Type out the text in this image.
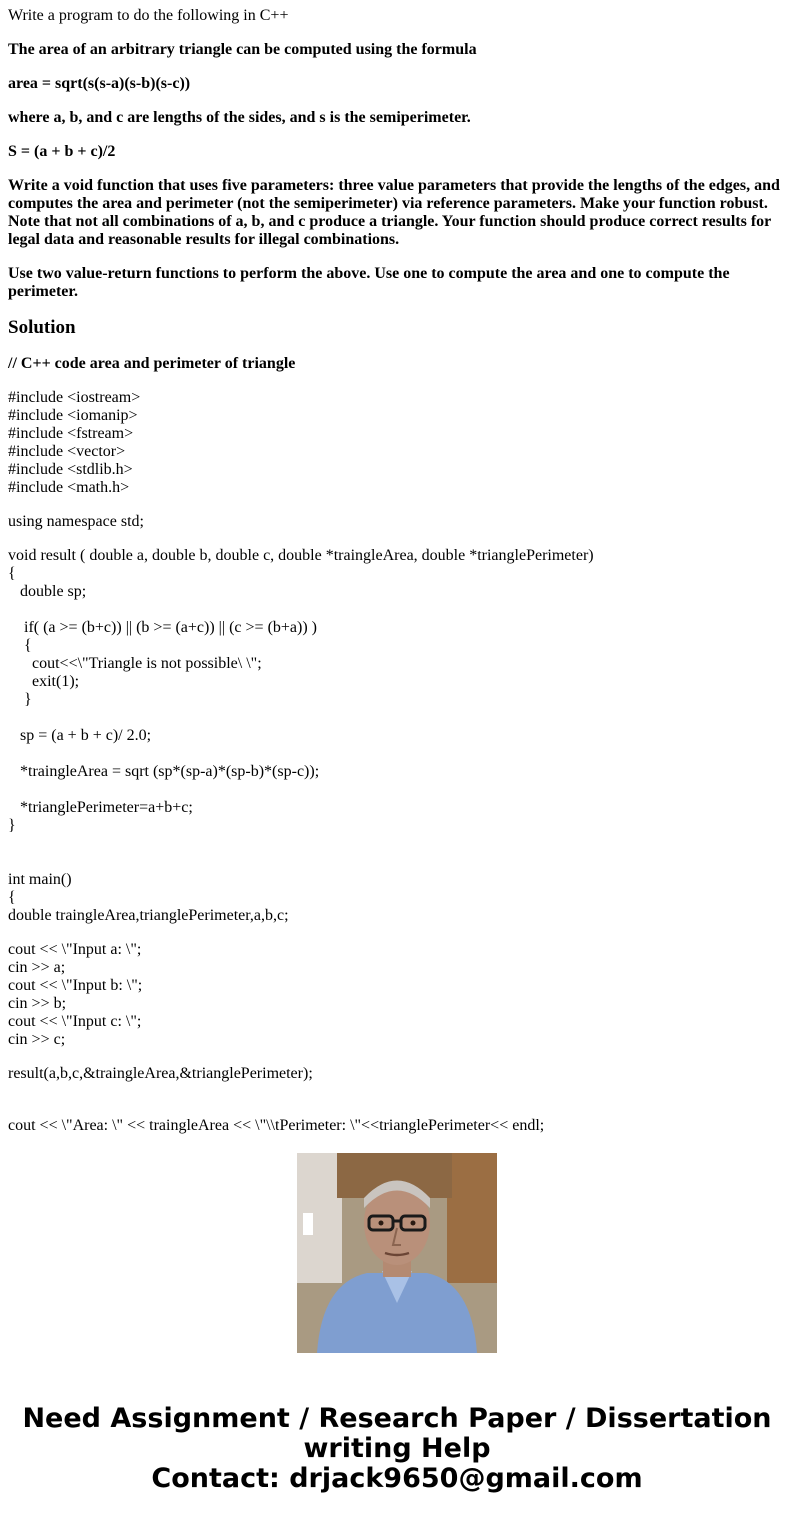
Write a program to do the following in C++

The area of an arbitrary triangle can be computed using the formula

area = sqrt(s(s-a)(s-b)(s-c))

where a, b, and c are lengths of the sides, and s is the semiperimeter.

S = (a + b + c)/2

Write a void function that uses five parameters: three value parameters that provide the lengths of the edges, and computes the area and perimeter (not the semiperimeter) via reference parameters. Make your function robust. Note that not all combinations of a, b, and c produce a triangle. Your function should produce correct results for legal data and reasonable results for illegal combinations.

Use two value-return functions to perform the above. Use one to compute the area and one to compute the perimeter.

Solution

// C++ code area and perimeter of triangle

#include <iostream>
#include <iomanip>
#include <fstream>
#include <vector>
#include <stdlib.h>
#include <math.h>

using namespace std;

void result ( double a, double b, double c, double *traingleArea, double *trianglePerimeter)
{
double sp;
if( (a >= (b+c)) || (b >= (a+c)) || (c >= (b+a)) )
{
cout<<\"Triangle is not possible\ \";
exit(1);
}
sp = (a + b + c)/ 2.0;
*traingleArea = sqrt (sp*(sp-a)*(sp-b)*(sp-c));
*trianglePerimeter=a+b+c;
}
int main()
{
double traingleArea,trianglePerimeter,a,b,c;
cout << \"Input a: \";
cin >> a;
cout << \"Input b: \";
cin >> b;
cout << \"Input c: \";
cin >> c;

result(a,b,c,&traingleArea,&trianglePerimeter);

cout << \"Area: \" << traingleArea << \"\\tPerimeter: \"<<trianglePerimeter<< endl;
Need Assignment / Research Paper / Dissertation
writing Help
Contact: drjack9650@gmail.com
